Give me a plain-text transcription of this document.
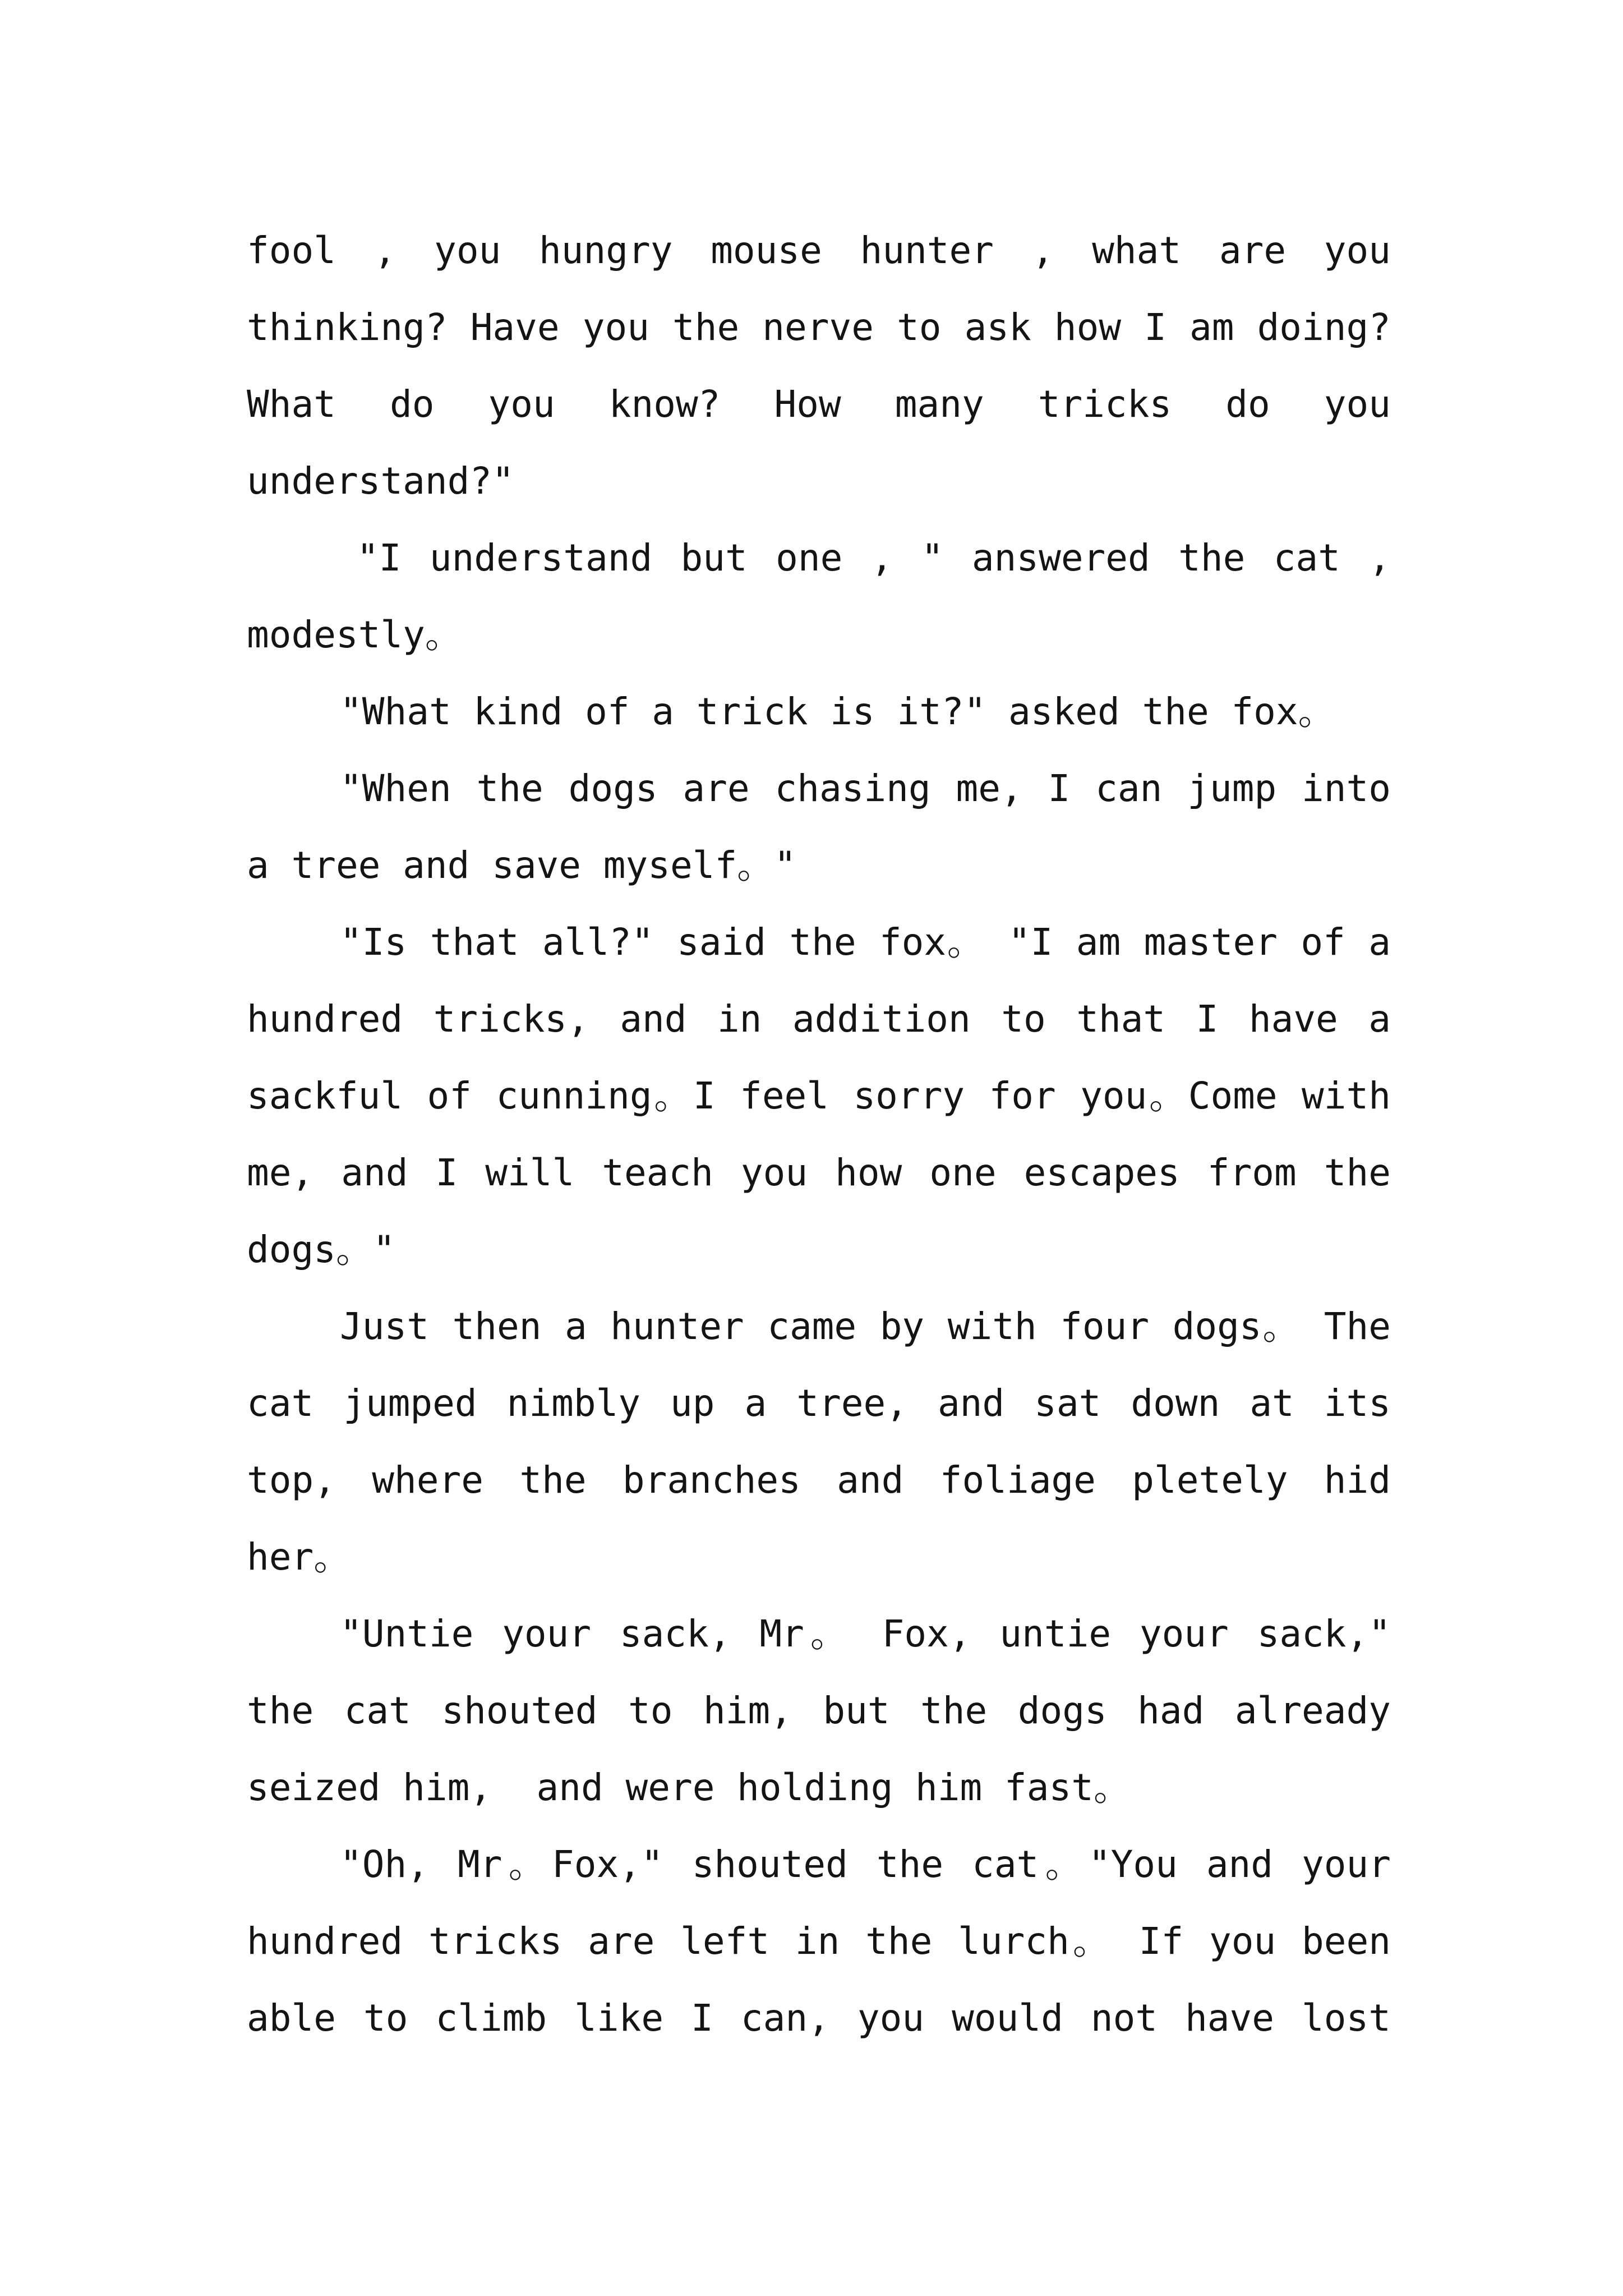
fool , you hungry mouse hunter , what are you
thinking? Have you the nerve to ask how I am doing?
What do you know? How many tricks do you
understand?"
"I understand but one , " answered the cat ,
modestly。
"What kind of a trick is it?" asked the fox。
"When the dogs are chasing me, I can jump into
a tree and save myself。"
"Is that all?" said the fox。 "I am master of a
hundred tricks, and in addition to that I have a
sackful of cunning。I feel sorry for you。Come with
me, and I will teach you how one escapes from the
dogs。"
Just then a hunter came by with four dogs。 The
cat jumped nimbly up a tree, and sat down at its
top, where the branches and foliage pletely hid
her。
"Untie your sack, Mr。 Fox, untie your sack,"
the cat shouted to him, but the dogs had already
seized him,  and were holding him fast。
"Oh, Mr。Fox," shouted the cat。"You and your
hundred tricks are left in the lurch。 If you been
able to climb like I can, you would not have lost
